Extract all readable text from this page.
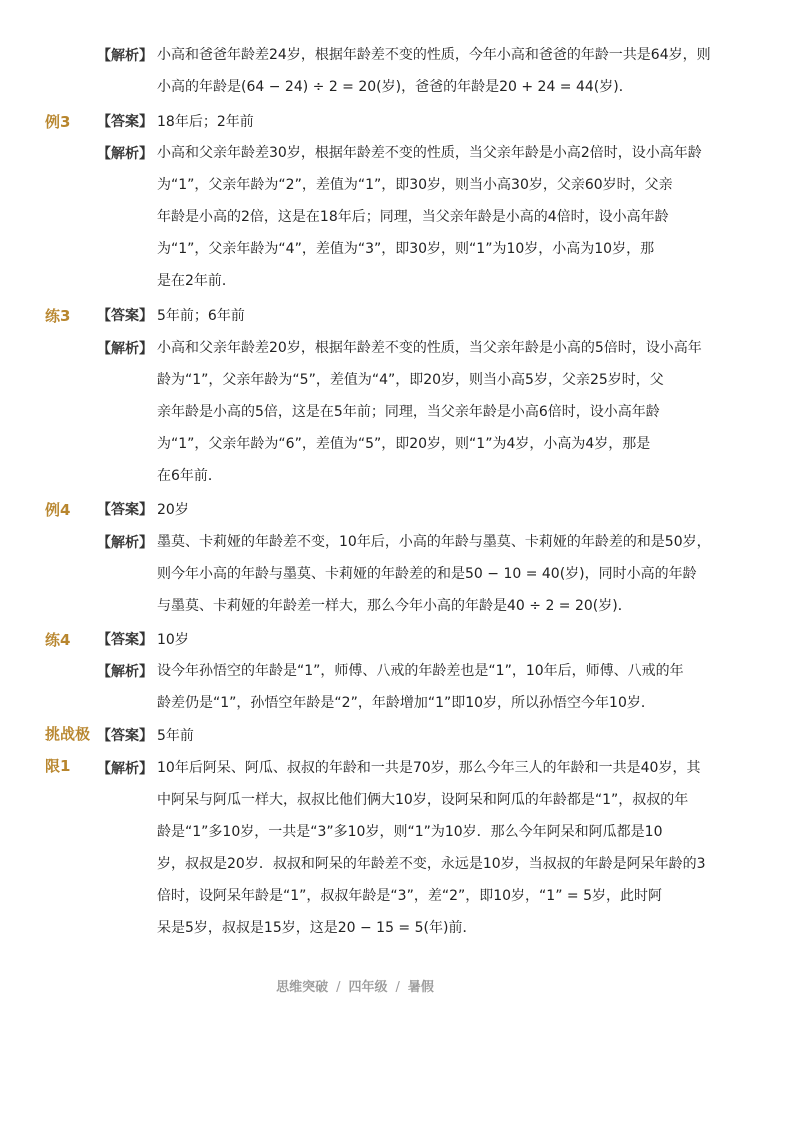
【解析】 小高和爸爸年龄差24岁，根据年龄差不变的性质，今年小高和爸爸的年龄一共是64岁，则
小高的年龄是(64 − 24) ÷ 2 = 20(岁)，爸爸的年龄是20 + 24 = 44(岁)．
例3 【答案】 18年后；2年前
【解析】 小高和父亲年龄差30岁，根据年龄差不变的性质，当父亲年龄是小高2倍时，设小高年龄
为“1”，父亲年龄为“2”，差值为“1”，即30岁，则当小高30岁，父亲60岁时，父亲
年龄是小高的2倍，这是在18年后；同理，当父亲年龄是小高的4倍时，设小高年龄
为“1”，父亲年龄为“4”，差值为“3”，即30岁，则“1”为10岁，小高为10岁，那
是在2年前．
练3 【答案】 5年前；6年前
【解析】 小高和父亲年龄差20岁，根据年龄差不变的性质，当父亲年龄是小高的5倍时，设小高年
龄为“1”，父亲年龄为“5”，差值为“4”，即20岁，则当小高5岁，父亲25岁时，父
亲年龄是小高的5倍，这是在5年前；同理，当父亲年龄是小高6倍时，设小高年龄
为“1”，父亲年龄为“6”，差值为“5”，即20岁，则“1”为4岁，小高为4岁，那是
在6年前．
例4 【答案】 20岁
【解析】 墨莫、卡莉娅的年龄差不变，10年后，小高的年龄与墨莫、卡莉娅的年龄差的和是50岁，
则今年小高的年龄与墨莫、卡莉娅的年龄差的和是50 − 10 = 40(岁)，同时小高的年龄
与墨莫、卡莉娅的年龄差一样大，那么今年小高的年龄是40 ÷ 2 = 20(岁)．
练4 【答案】 10岁
【解析】 设今年孙悟空的年龄是“1”，师傅、八戒的年龄差也是“1”，10年后，师傅、八戒的年
龄差仍是“1”，孙悟空年龄是“2”，年龄增加“1”即10岁，所以孙悟空今年10岁．
挑战极
限1
【答案】 5年前
【解析】 10年后阿呆、阿瓜、叔叔的年龄和一共是70岁，那么今年三人的年龄和一共是40岁，其
中阿呆与阿瓜一样大，叔叔比他们俩大10岁，设阿呆和阿瓜的年龄都是“1”，叔叔的年
龄是“1”多10岁，一共是“3”多10岁，则“1”为10岁．那么今年阿呆和阿瓜都是10
岁，叔叔是20岁．叔叔和阿呆的年龄差不变，永远是10岁，当叔叔的年龄是阿呆年龄的3
倍时，设阿呆年龄是“1”，叔叔年龄是“3”，差“2”，即10岁，“1” = 5岁，此时阿
呆是5岁，叔叔是15岁，这是20 − 15 = 5(年)前．
思维突破 / 四年级 / 暑假
